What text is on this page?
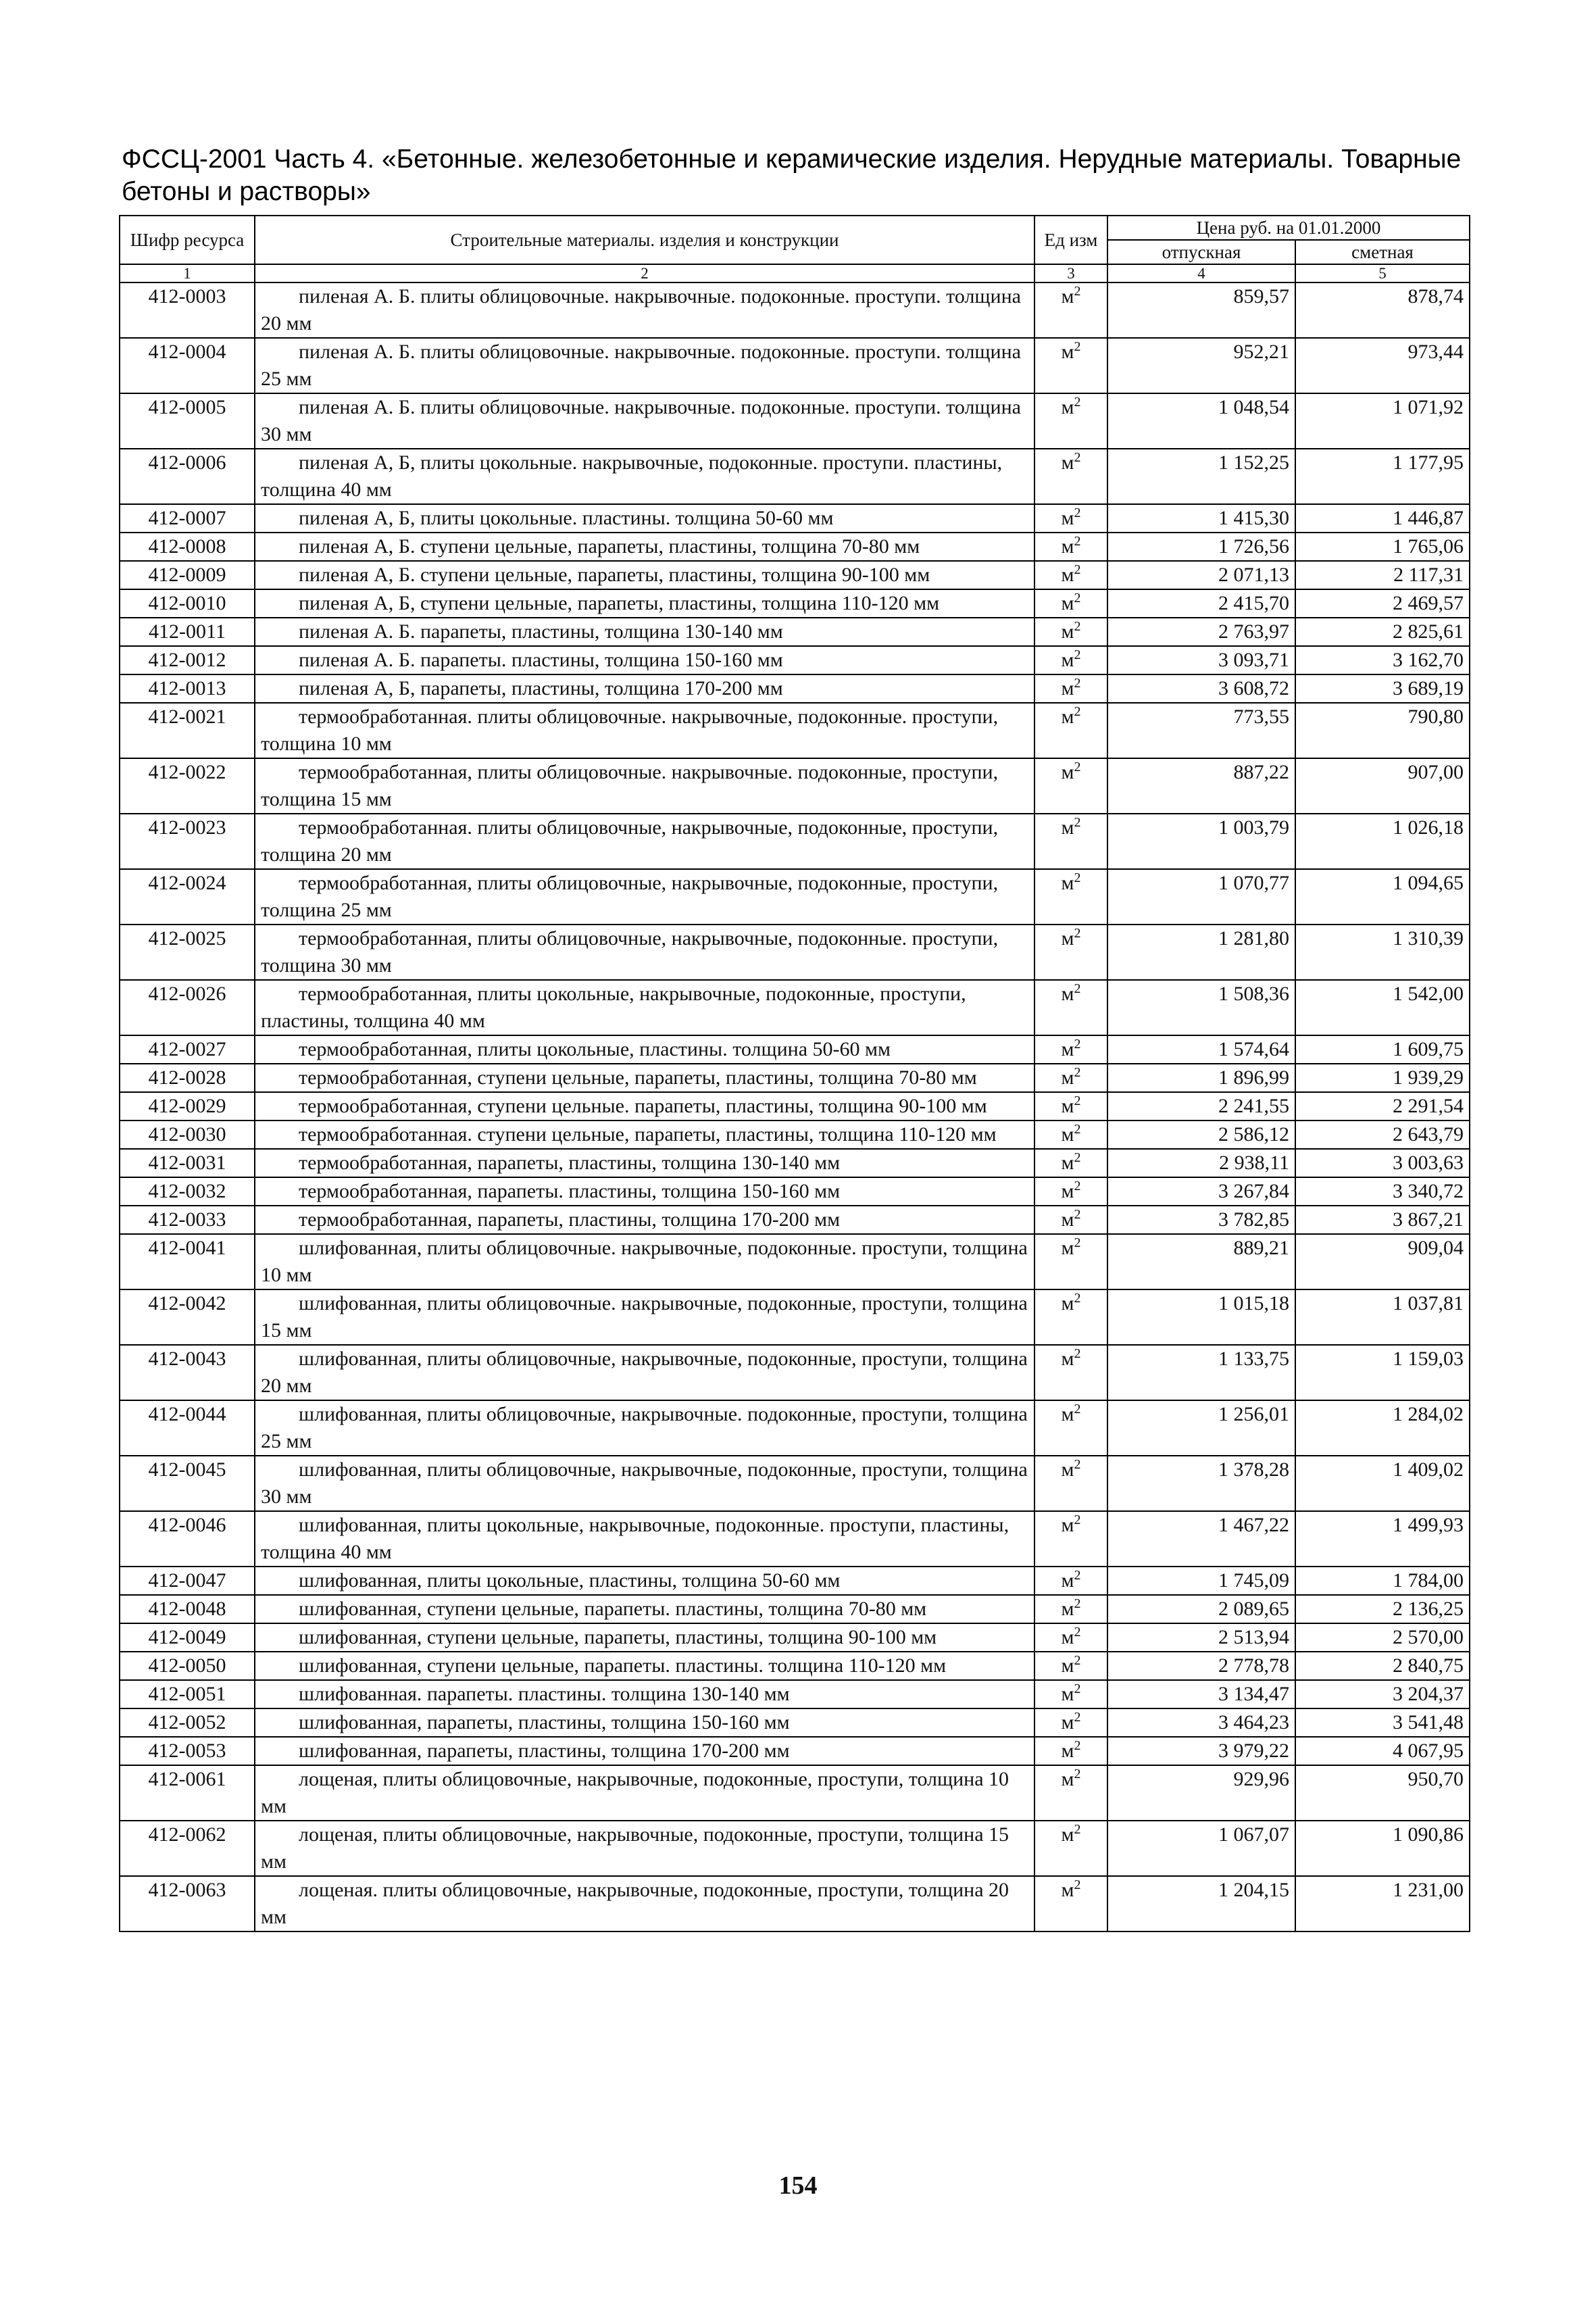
ФССЦ-2001 Часть 4. «Бетонные. железобетонные и керамические изделия. Нерудные материалы. Товарные бетоны и растворы»
Шифр ресурса	Строительные материалы. изделия и конструкции	Ед изм	Цена руб. на 01.01.2000	
			отпускная	сметная
1	2	3	4	5
412-0003	пиленая А. Б. плиты облицовочные. накрывочные. подоконные. проступи. толщина 20 мм	$м^2$	859,57	878,74
412-0004	пиленая А. Б. плиты облицовочные. накрывочные. подоконные. проступи. толщина 25 мм	$м^2$	952,21	973,44
412-0005	пиленая А. Б. плиты облицовочные. накрывочные. подоконные. проступи. толщина 30 мм	$м^2$	1 048,54	1 071,92
412-0006	пиленая А, Б, плиты цокольные. накрывочные, подоконные. проступи. пластины, толщина 40 мм	$м^2$	1 152,25	1 177,95
412-0007	пиленая А, Б, плиты цокольные. пластины. толщина 50-60 мм	$м^2$	1 415,30	1 446,87
412-0008	пиленая А, Б. ступени цельные, парапеты, пластины, толщина 70-80 мм	$м^2$	1 726,56	1 765,06
412-0009	пиленая А, Б. ступени цельные, парапеты, пластины, толщина 90-100 мм	$м^2$	2 071,13	2 117,31
412-0010	пиленая А, Б, ступени цельные, парапеты, пластины, толщина 110-120 мм	$м^2$	2 415,70	2 469,57
412-0011	пиленая А. Б. парапеты, пластины, толщина 130-140 мм	$м^2$	2 763,97	2 825,61
412-0012	пиленая А. Б. парапеты. пластины, толщина 150-160 мм	$м^2$	3 093,71	3 162,70
412-0013	пиленая А, Б, парапеты, пластины, толщина 170-200 мм	$м^2$	3 608,72	3 689,19
412-0021	термообработанная. плиты облицовочные. накрывочные, подоконные. проступи, толщина 10 мм	$м^2$	773,55	790,80
412-0022	термообработанная, плиты облицовочные. накрывочные. подоконные, проступи, толщина 15 мм	$м^2$	887,22	907,00
412-0023	термообработанная. плиты облицовочные, накрывочные, подоконные, проступи, толщина 20 мм	$м^2$	1 003,79	1 026,18
412-0024	термообработанная, плиты облицовочные, накрывочные, подоконные, проступи, толщина 25 мм	$м^2$	1 070,77	1 094,65
412-0025	термообработанная, плиты облицовочные, накрывочные, подоконные. проступи, толщина 30 мм	$м^2$	1 281,80	1 310,39
412-0026	термообработанная, плиты цокольные, накрывочные, подоконные, проступи, пластины, толщина 40 мм	$м^2$	1 508,36	1 542,00
412-0027	термообработанная, плиты цокольные, пластины. толщина 50-60 мм	$м^2$	1 574,64	1 609,75
412-0028	термообработанная, ступени цельные, парапеты, пластины, толщина 70-80 мм	$м^2$	1 896,99	1 939,29
412-0029	термообработанная, ступени цельные. парапеты, пластины, толщина 90-100 мм	$м^2$	2 241,55	2 291,54
412-0030	термообработанная. ступени цельные, парапеты, пластины, толщина 110-120 мм	$м^2$	2 586,12	2 643,79
412-0031	термообработанная, парапеты, пластины, толщина 130-140 мм	$м^2$	2 938,11	3 003,63
412-0032	термообработанная, парапеты. пластины, толщина 150-160 мм	$м^2$	3 267,84	3 340,72
412-0033	термообработанная, парапеты, пластины, толщина 170-200 мм	$м^2$	3 782,85	3 867,21
412-0041	шлифованная, плиты облицовочные. накрывочные, подоконные. проступи, толщина 10 мм	$м^2$	889,21	909,04
412-0042	шлифованная, плиты облицовочные. накрывочные, подоконные, проступи, толщина 15 мм	$м^2$	1 015,18	1 037,81
412-0043	шлифованная, плиты облицовочные, накрывочные, подоконные, проступи, толщина 20 мм	$м^2$	1 133,75	1 159,03
412-0044	шлифованная, плиты облицовочные, накрывочные. подоконные, проступи, толщина 25 мм	$м^2$	1 256,01	1 284,02
412-0045	шлифованная, плиты облицовочные, накрывочные, подоконные, проступи, толщина 30 мм	$м^2$	1 378,28	1 409,02
412-0046	шлифованная, плиты цокольные, накрывочные, подоконные. проступи, пластины, толщина 40 мм	$м^2$	1 467,22	1 499,93
412-0047	шлифованная, плиты цокольные, пластины, толщина 50-60 мм	$м^2$	1 745,09	1 784,00
412-0048	шлифованная, ступени цельные, парапеты. пластины, толщина 70-80 мм	$м^2$	2 089,65	2 136,25
412-0049	шлифованная, ступени цельные, парапеты, пластины, толщина 90-100 мм	$м^2$	2 513,94	2 570,00
412-0050	шлифованная, ступени цельные, парапеты. пластины. толщина 110-120 мм	$м^2$	2 778,78	2 840,75
412-0051	шлифованная. парапеты. пластины. толщина 130-140 мм	$м^2$	3 134,47	3 204,37
412-0052	шлифованная, парапеты, пластины, толщина 150-160 мм	$м^2$	3 464,23	3 541,48
412-0053	шлифованная, парапеты, пластины, толщина 170-200 мм	$м^2$	3 979,22	4 067,95
412-0061	лощеная, плиты облицовочные, накрывочные, подоконные, проступи, толщина 10 мм	$м^2$	929,96	950,70
412-0062	лощеная, плиты облицовочные, накрывочные, подоконные, проступи, толщина 15 мм	$м^2$	1 067,07	1 090,86
412-0063	лощеная. плиты облицовочные, накрывочные, подоконные, проступи, толщина 20 мм	$м^2$	1 204,15	1 231,00
154
